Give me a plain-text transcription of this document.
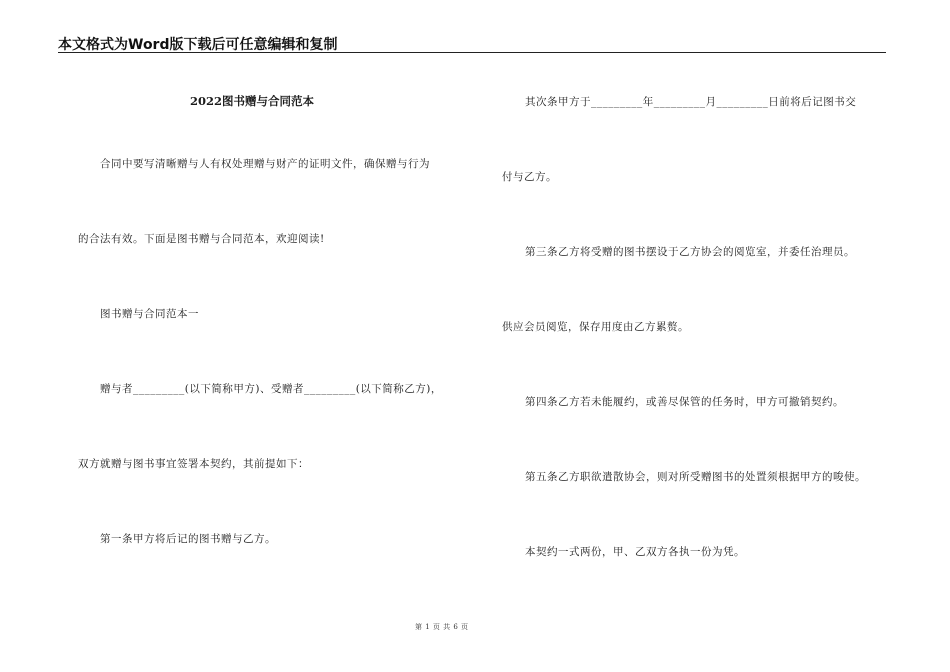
本文格式为Word版下载后可任意编辑和复制
2022图书赠与合同范本
合同中要写清晰赠与人有权处理赠与财产的证明文件，确保赠与行为
的合法有效。下面是图书赠与合同范本，欢迎阅读!
图书赠与合同范本一
赠与者_________(以下简称甲方)、受赠者_________(以下简称乙方)，
双方就赠与图书事宜签署本契约，其前提如下：
第一条甲方将后记的图书赠与乙方。
其次条甲方于_________年_________月_________日前将后记图书交
付与乙方。
第三条乙方将受赠的图书摆设于乙方协会的阅览室，并委任治理员。
供应会员阅览，保存用度由乙方累赘。
第四条乙方若未能履约，或善尽保管的任务时，甲方可撤销契约。
第五条乙方职欲遣散协会，则对所受赠图书的处置须根据甲方的唆使。
本契约一式两份，甲、乙双方各执一份为凭。
第 1 页 共 6 页
